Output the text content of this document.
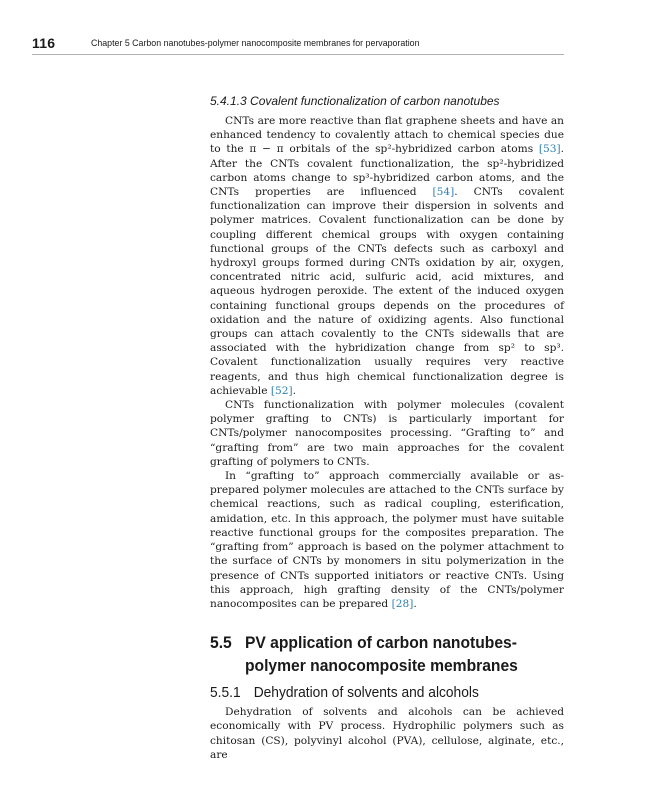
116	Chapter 5 Carbon nanotubes-polymer nanocomposite membranes for pervaporation
5.4.1.3 Covalent functionalization of carbon nanotubes

CNTs are more reactive than flat graphene sheets and have an enhanced tendency to covalently attach to chemical species due to the π − π orbitals of the sp²-hybridized carbon atoms [53]. After the CNTs covalent functionalization, the sp²-hybridized carbon atoms change to sp³-hybridized carbon atoms, and the CNTs properties are influenced [54]. CNTs covalent functionalization can improve their dispersion in solvents and polymer matrices. Covalent functionalization can be done by coupling different chemical groups with oxygen containing functional groups of the CNTs defects such as carboxyl and hydroxyl groups formed during CNTs oxidation by air, oxygen, concentrated nitric acid, sulfuric acid, acid mixtures, and aqueous hydrogen peroxide. The extent of the induced oxygen containing functional groups depends on the procedures of oxidation and the nature of oxidizing agents. Also functional groups can attach covalently to the CNTs sidewalls that are associated with the hybridization change from sp² to sp³. Covalent functionalization usually requires very reactive reagents, and thus high chemical functionalization degree is achievable [52].

CNTs functionalization with polymer molecules (covalent polymer grafting to CNTs) is particularly important for CNTs/polymer nanocomposites processing. “Grafting to” and “grafting from” are two main approaches for the covalent grafting of polymers to CNTs.

In “grafting to” approach commercially available or as-prepared polymer molecules are attached to the CNTs surface by chemical reactions, such as radical coupling, esterification, amidation, etc. In this approach, the polymer must have suitable reactive functional groups for the composites preparation. The “grafting from” approach is based on the polymer attachment to the surface of CNTs by monomers in situ polymerization in the presence of CNTs supported initiators or reactive CNTs. Using this approach, high grafting density of the CNTs/polymer nanocomposites can be prepared [28].

5.5 PV application of carbon nanotubes-polymer nanocomposite membranes
5.5.1 Dehydration of solvents and alcohols

Dehydration of solvents and alcohols can be achieved economically with PV process. Hydrophilic polymers such as chitosan (CS), polyvinyl alcohol (PVA), cellulose, alginate, etc., are
